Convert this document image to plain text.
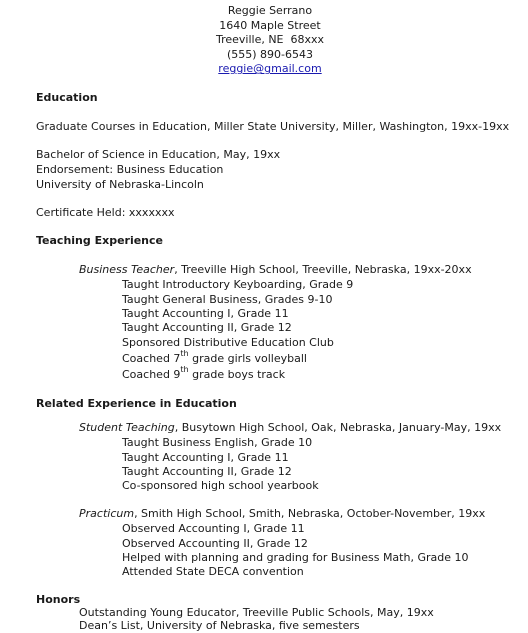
Reggie Serrano
1640 Maple Street
Treeville, NE  68xxx
(555) 890-6543
reggie@gmail.com
Education
Graduate Courses in Education, Miller State University, Miller, Washington, 19xx-19xx
Bachelor of Science in Education, May, 19xx
Endorsement: Business Education
University of Nebraska-Lincoln
Certificate Held: xxxxxxx
Teaching Experience
Business Teacher, Treeville High School, Treeville, Nebraska, 19xx-20xx
Taught Introductory Keyboarding, Grade 9
Taught General Business, Grades 9-10
Taught Accounting I, Grade 11
Taught Accounting II, Grade 12
Sponsored Distributive Education Club
Coached 7th grade girls volleyball
Coached 9th grade boys track
Related Experience in Education
Student Teaching, Busytown High School, Oak, Nebraska, January-May, 19xx
Taught Business English, Grade 10
Taught Accounting I, Grade 11
Taught Accounting II, Grade 12
Co-sponsored high school yearbook
Practicum, Smith High School, Smith, Nebraska, October-November, 19xx
Observed Accounting I, Grade 11
Observed Accounting II, Grade 12
Helped with planning and grading for Business Math, Grade 10
Attended State DECA convention
Honors
Outstanding Young Educator, Treeville Public Schools, May, 19xx
Dean’s List, University of Nebraska, five semesters
